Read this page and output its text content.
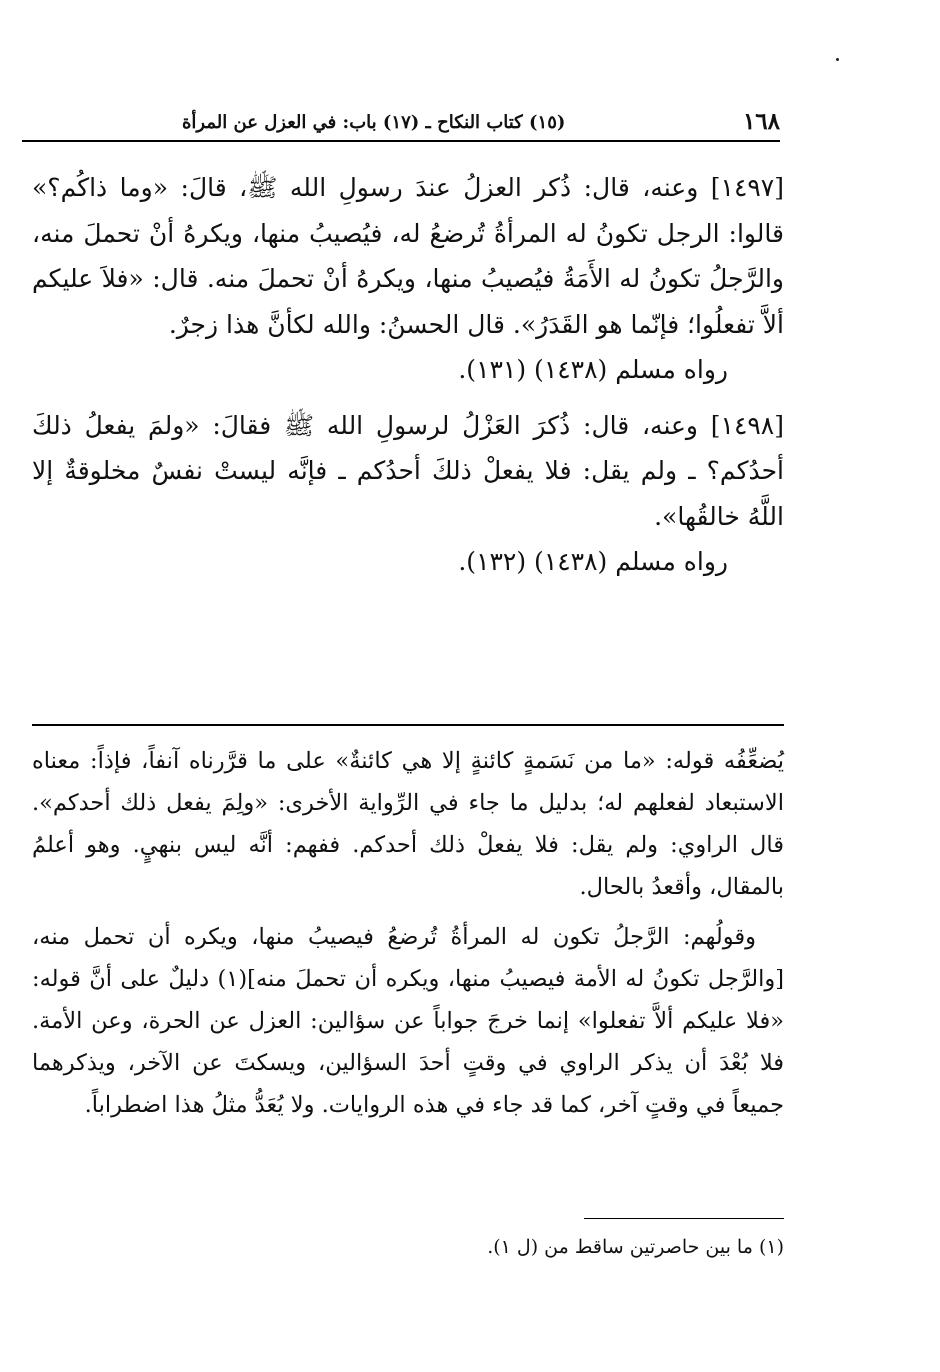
(١٥) كتاب النكاح ـ (١٧) باب: في العزل عن المرأة	١٦٨

[١٤٩٧] وعنه، قال: ذُكر العزلُ عندَ رسولِ الله ﷺ، قالَ: «وما ذاكُم؟» قالوا: الرجل تكونُ له المرأةُ تُرضعُ له، فيُصيبُ منها، ويكرهُ أنْ تحملَ منه، والرَّجلُ تكونُ له الأَمَةُ فيُصيبُ منها، ويكرهُ أنْ تحملَ منه. قال: «فلاَ عليكم ألاَّ تفعلُوا؛ فإنّما هو القَدَرُ». قال الحسنُ: والله لكأنَّ هذا زجرٌ.

رواه مسلم (١٤٣٨) (١٣١).

[١٤٩٨] وعنه، قال: ذُكرَ العَزْلُ لرسولِ الله ﷺ فقالَ: «ولمَ يفعلُ ذلكَ أحدُكم؟ ـ ولم يقل: فلا يفعلْ ذلكَ أحدُكم ـ فإنَّه ليستْ نفسٌ مخلوقةٌ إلا اللَّهُ خالقُها».

رواه مسلم (١٤٣٨) (١٣٢).

يُضعِّفُه قوله: «ما من نَسَمةٍ كائنةٍ إلا هي كائنةٌ» على ما قرَّرناه آنفاً، فإذاً: معناه الاستبعاد لفعلهم له؛ بدليل ما جاء في الرِّواية الأخرى: «ولِمَ يفعل ذلك أحدكم». قال الراوي: ولم يقل: فلا يفعلْ ذلك أحدكم. ففهم: أنَّه ليس بنهيٍ. وهو أعلمُ بالمقال، وأقعدُ بالحال.

وقولُهم: الرَّجلُ تكون له المرأةُ تُرضعُ فيصيبُ منها، ويكره أن تحمل منه، [والرَّجل تكونُ له الأمة فيصيبُ منها، ويكره أن تحملَ منه](١) دليلٌ على أنَّ قوله: «فلا عليكم ألاَّ تفعلوا» إنما خرجَ جواباً عن سؤالين: العزل عن الحرة، وعن الأمة. فلا بُعْدَ أن يذكر الراوي في وقتٍ أحدَ السؤالين، ويسكتَ عن الآخر، ويذكرهما جميعاً في وقتٍ آخر، كما قد جاء في هذه الروايات. ولا يُعَدُّ مثلُ هذا اضطراباً.

(١) ما بين حاصرتين ساقط من (ل ١).
